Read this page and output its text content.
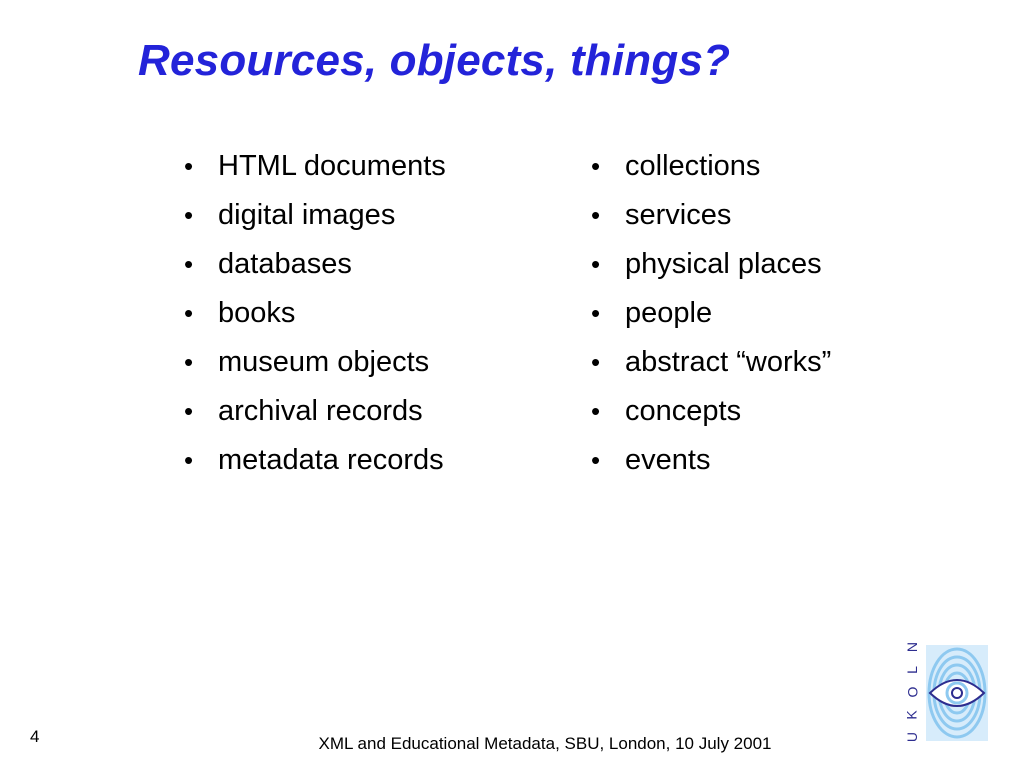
Resources, objects, things?
• HTML documents
• digital images
• databases
• books
• museum objects
• archival records
• metadata records
• collections
• services
• physical places
• people
• abstract “works”
• concepts
• events
4	XML and Educational Metadata, SBU, London, 10 July 2001
N
L
O
K
U
